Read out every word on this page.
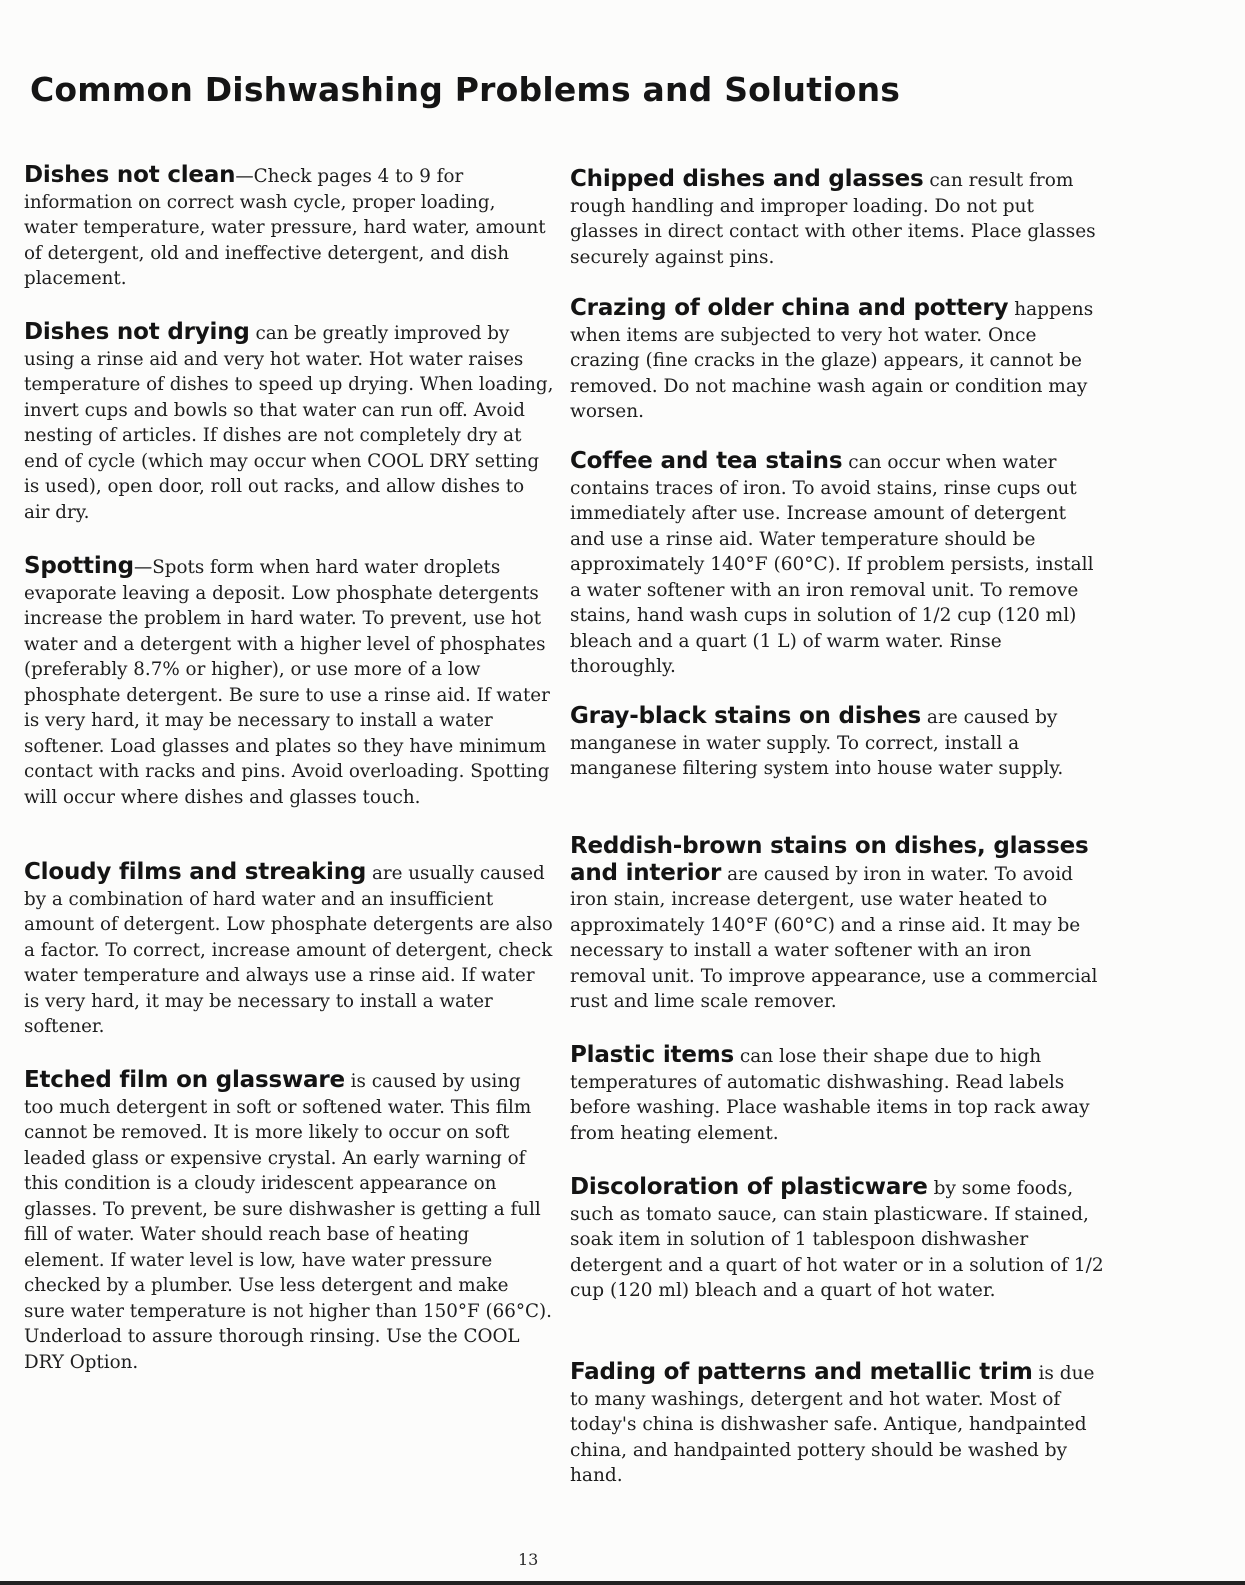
Common Dishwashing Problems and Solutions

Dishes not clean—Check pages 4 to 9 for information on correct wash cycle, proper loading, water temperature, water pressure, hard water, amount of detergent, old and ineffective detergent, and dish placement.

Dishes not drying can be greatly improved by using a rinse aid and very hot water. Hot water raises temperature of dishes to speed up drying. When loading, invert cups and bowls so that water can run off. Avoid nesting of articles. If dishes are not completely dry at end of cycle (which may occur when COOL DRY setting is used), open door, roll out racks, and allow dishes to air dry.

Spotting—Spots form when hard water droplets evaporate leaving a deposit. Low phosphate detergents increase the problem in hard water. To prevent, use hot water and a detergent with a higher level of phosphates (preferably 8.7% or higher), or use more of a low phosphate detergent. Be sure to use a rinse aid. If water is very hard, it may be necessary to install a water softener. Load glasses and plates so they have minimum contact with racks and pins. Avoid overloading. Spotting will occur where dishes and glasses touch.

Cloudy films and streaking are usually caused by a combination of hard water and an insufficient amount of detergent. Low phosphate detergents are also a factor. To correct, increase amount of detergent, check water temperature and always use a rinse aid. If water is very hard, it may be necessary to install a water softener.

Etched film on glassware is caused by using too much detergent in soft or softened water. This film cannot be removed. It is more likely to occur on soft leaded glass or expensive crystal. An early warning of this condition is a cloudy iridescent appearance on glasses. To prevent, be sure dishwasher is getting a full fill of water. Water should reach base of heating element. If water level is low, have water pressure checked by a plumber. Use less detergent and make sure water temperature is not higher than 150°F (66°C). Underload to assure thorough rinsing. Use the COOL DRY Option.

Chipped dishes and glasses can result from rough handling and improper loading. Do not put glasses in direct contact with other items. Place glasses securely against pins.

Crazing of older china and pottery happens when items are subjected to very hot water. Once crazing (fine cracks in the glaze) appears, it cannot be removed. Do not machine wash again or condition may worsen.

Coffee and tea stains can occur when water contains traces of iron. To avoid stains, rinse cups out immediately after use. Increase amount of detergent and use a rinse aid. Water temperature should be approximately 140°F (60°C). If problem persists, install a water softener with an iron removal unit. To remove stains, hand wash cups in solution of 1/2 cup (120 ml) bleach and a quart (1 L) of warm water. Rinse thoroughly.

Gray-black stains on dishes are caused by manganese in water supply. To correct, install a manganese filtering system into house water supply.

Reddish-brown stains on dishes, glasses and interior are caused by iron in water. To avoid iron stain, increase detergent, use water heated to approximately 140°F (60°C) and a rinse aid. It may be necessary to install a water softener with an iron removal unit. To improve appearance, use a commercial rust and lime scale remover.

Plastic items can lose their shape due to high temperatures of automatic dishwashing. Read labels before washing. Place washable items in top rack away from heating element.

Discoloration of plasticware by some foods, such as tomato sauce, can stain plasticware. If stained, soak item in solution of 1 tablespoon dishwasher detergent and a quart of hot water or in a solution of 1/2 cup (120 ml) bleach and a quart of hot water.

Fading of patterns and metallic trim is due to many washings, detergent and hot water. Most of today's china is dishwasher safe. Antique, handpainted china, and handpainted pottery should be washed by hand.

13
